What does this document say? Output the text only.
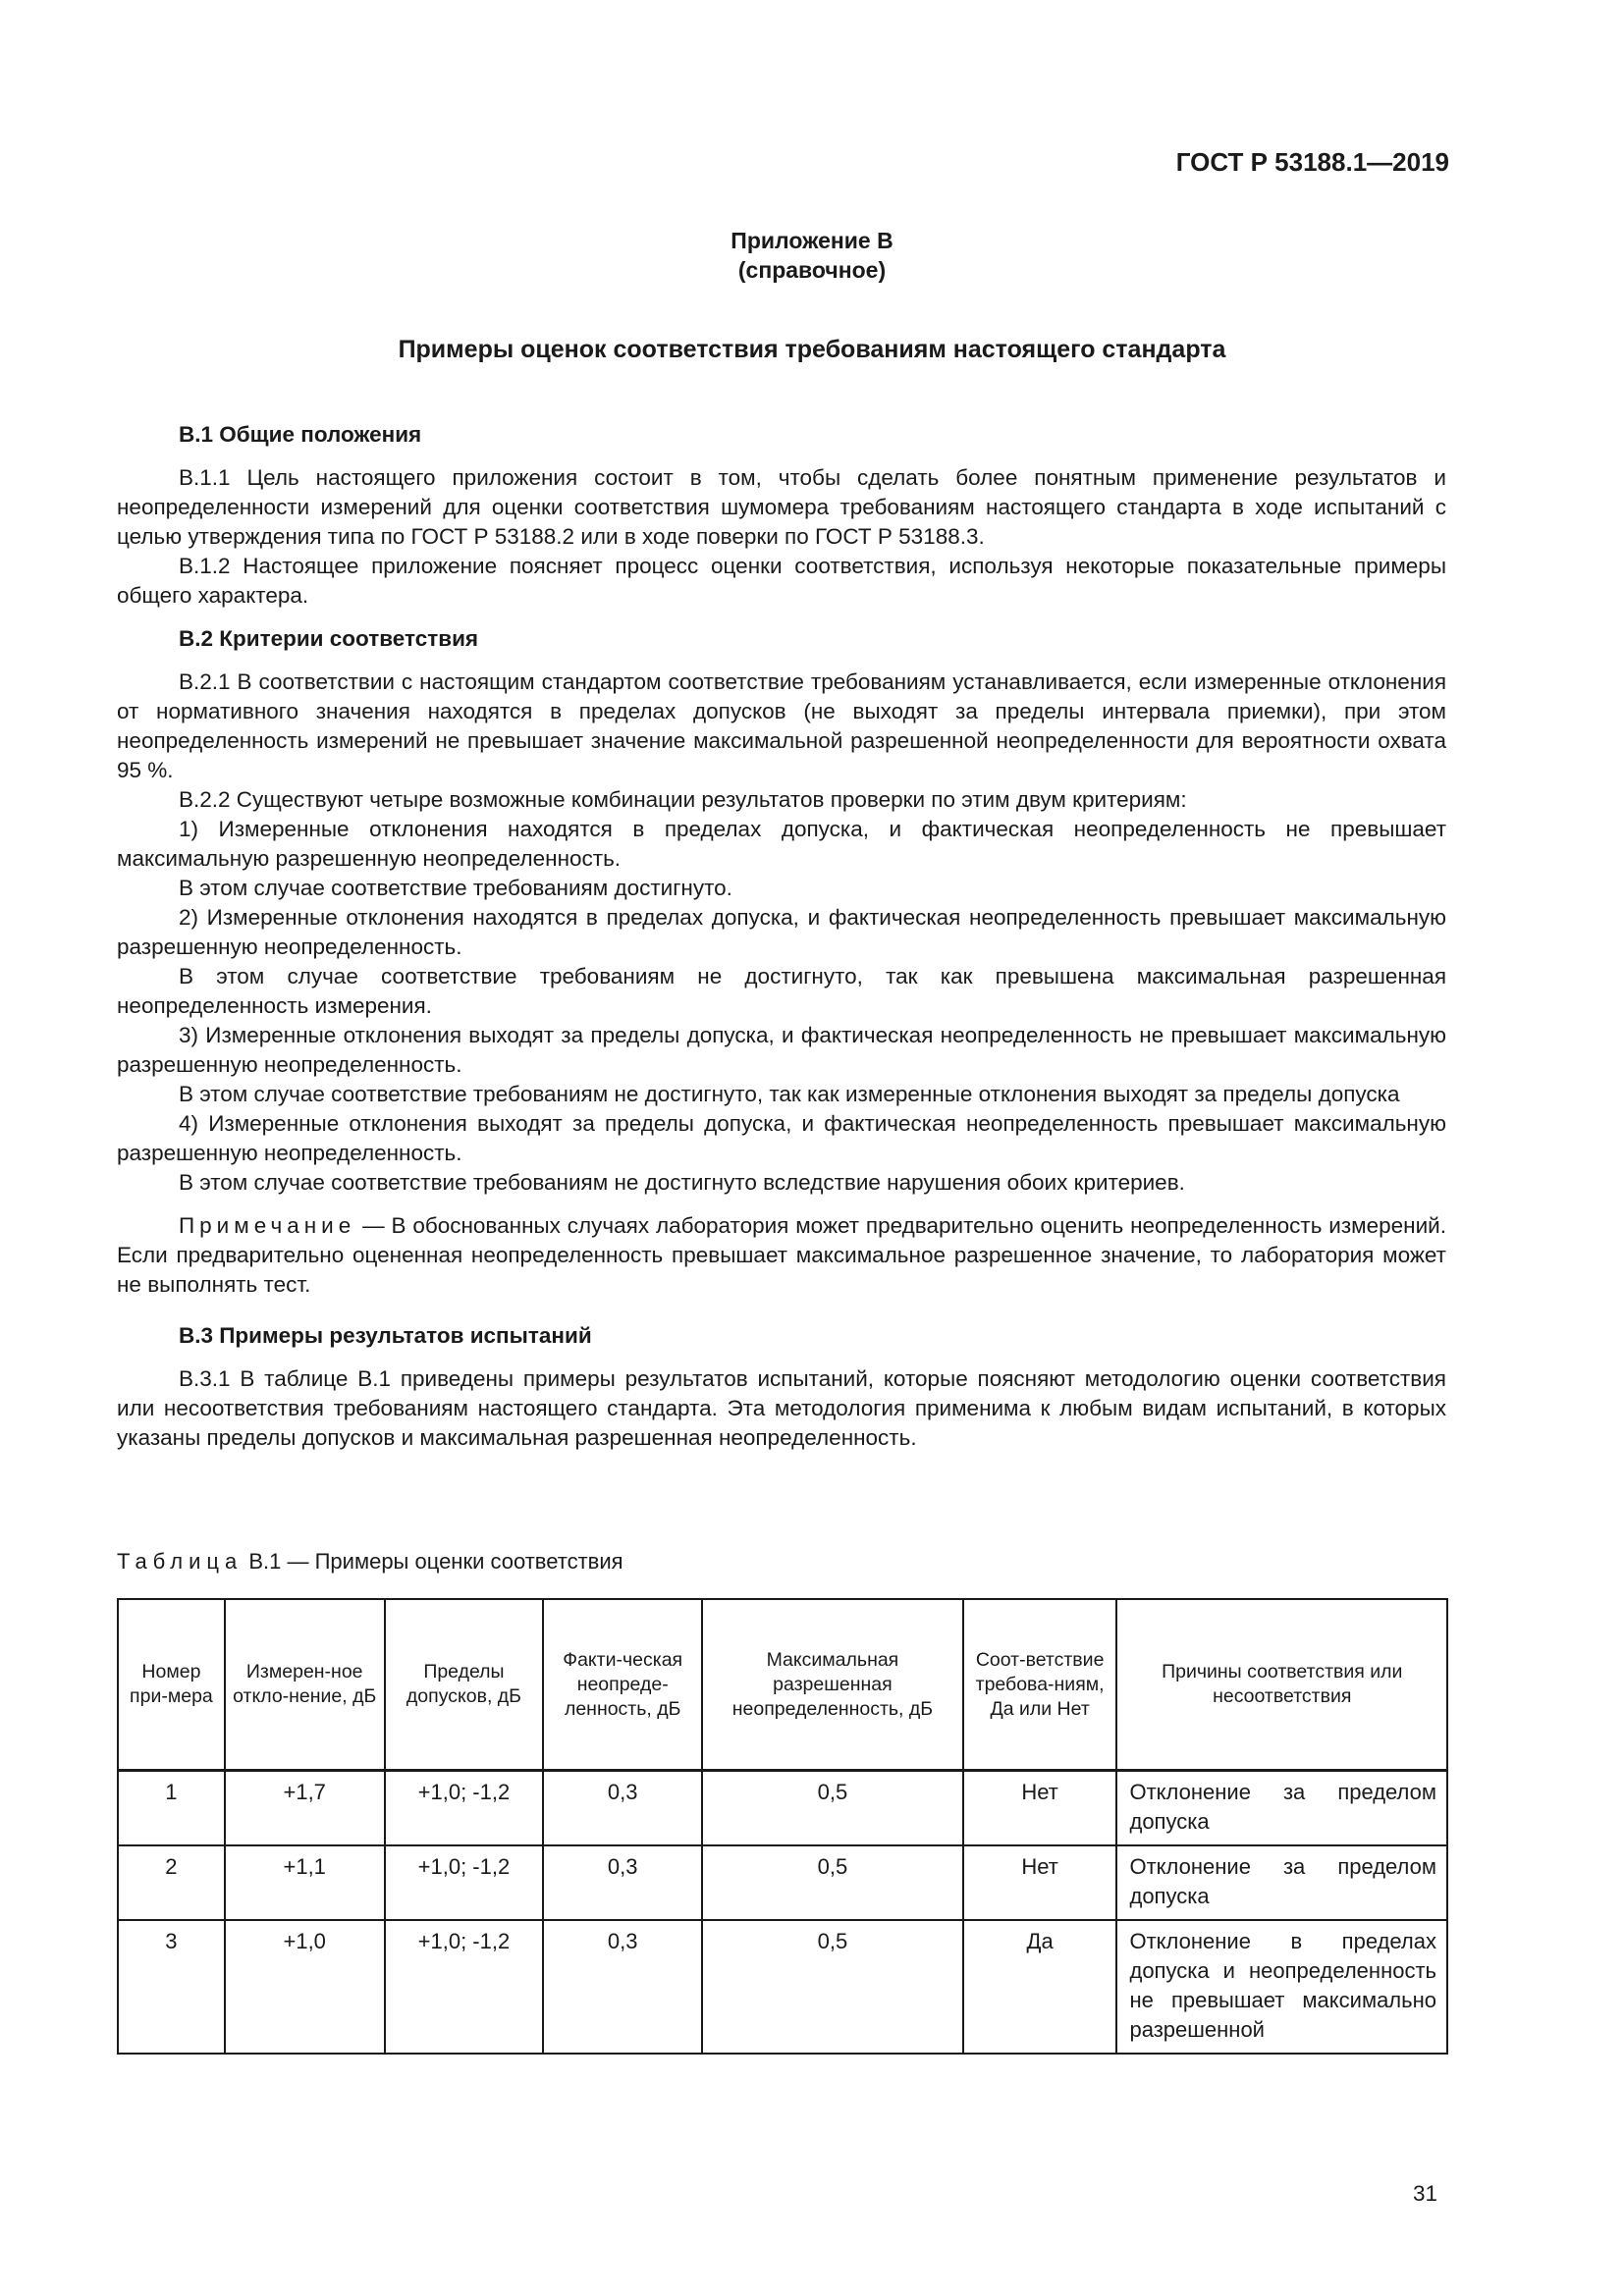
ГОСТ Р 53188.1—2019
Приложение В
(справочное)
Примеры оценок соответствия требованиям настоящего стандарта
В.1 Общие положения

В.1.1 Цель настоящего приложения состоит в том, чтобы сделать более понятным применение результатов и неопределенности измерений для оценки соответствия шумомера требованиям настоящего стандарта в ходе испытаний с целью утверждения типа по ГОСТ Р 53188.2 или в ходе поверки по ГОСТ Р 53188.3.

В.1.2 Настоящее приложение поясняет процесс оценки соответствия, используя некоторые показательные примеры общего характера.

В.2 Критерии соответствия

В.2.1 В соответствии с настоящим стандартом соответствие требованиям устанавливается, если измеренные отклонения от нормативного значения находятся в пределах допусков (не выходят за пределы интервала приемки), при этом неопределенность измерений не превышает значение максимальной разрешенной неопределенности для вероятности охвата 95 %.

В.2.2 Существуют четыре возможные комбинации результатов проверки по этим двум критериям:

1) Измеренные отклонения находятся в пределах допуска, и фактическая неопределенность не превышает максимальную разрешенную неопределенность.

В этом случае соответствие требованиям достигнуто.

2) Измеренные отклонения находятся в пределах допуска, и фактическая неопределенность превышает максимальную разрешенную неопределенность.

В этом случае соответствие требованиям не достигнуто, так как превышена максимальная разрешенная неопределенность измерения.

3) Измеренные отклонения выходят за пределы допуска, и фактическая неопределенность не превышает максимальную разрешенную неопределенность.

В этом случае соответствие требованиям не достигнуто, так как измеренные отклонения выходят за пределы допуска

4) Измеренные отклонения выходят за пределы допуска, и фактическая неопределенность превышает максимальную разрешенную неопределенность.

В этом случае соответствие требованиям не достигнуто вследствие нарушения обоих критериев.

Примечание — В обоснованных случаях лаборатория может предварительно оценить неопределенность измерений. Если предварительно оцененная неопределенность превышает максимальное разрешенное значение, то лаборатория может не выполнять тест.

В.3 Примеры результатов испытаний

В.3.1 В таблице В.1 приведены примеры результатов испытаний, которые поясняют методологию оценки соответствия или несоответствия требованиям настоящего стандарта. Эта методология применима к любым видам испытаний, в которых указаны пределы допусков и максимальная разрешенная неопределенность.

Таблица В.1 — Примеры оценки соответствия
Номер при-мера	Измерен-ное откло-нение, дБ	Пределы допусков, дБ	Факти-ческая неопреде-ленность, дБ	Максимальная разрешенная неопределенность, дБ	Соот-ветствие требова-ниям, Да или Нет	Причины соответствия или несоответствия
1	+1,7	+1,0; -1,2	0,3	0,5	Нет	Отклонение за пределом допуска
2	+1,1	+1,0; -1,2	0,3	0,5	Нет	Отклонение за пределом допуска
3	+1,0	+1,0; -1,2	0,3	0,5	Да	Отклонение в пределах допуска и неопределенность не превышает максимально разрешенной
31
